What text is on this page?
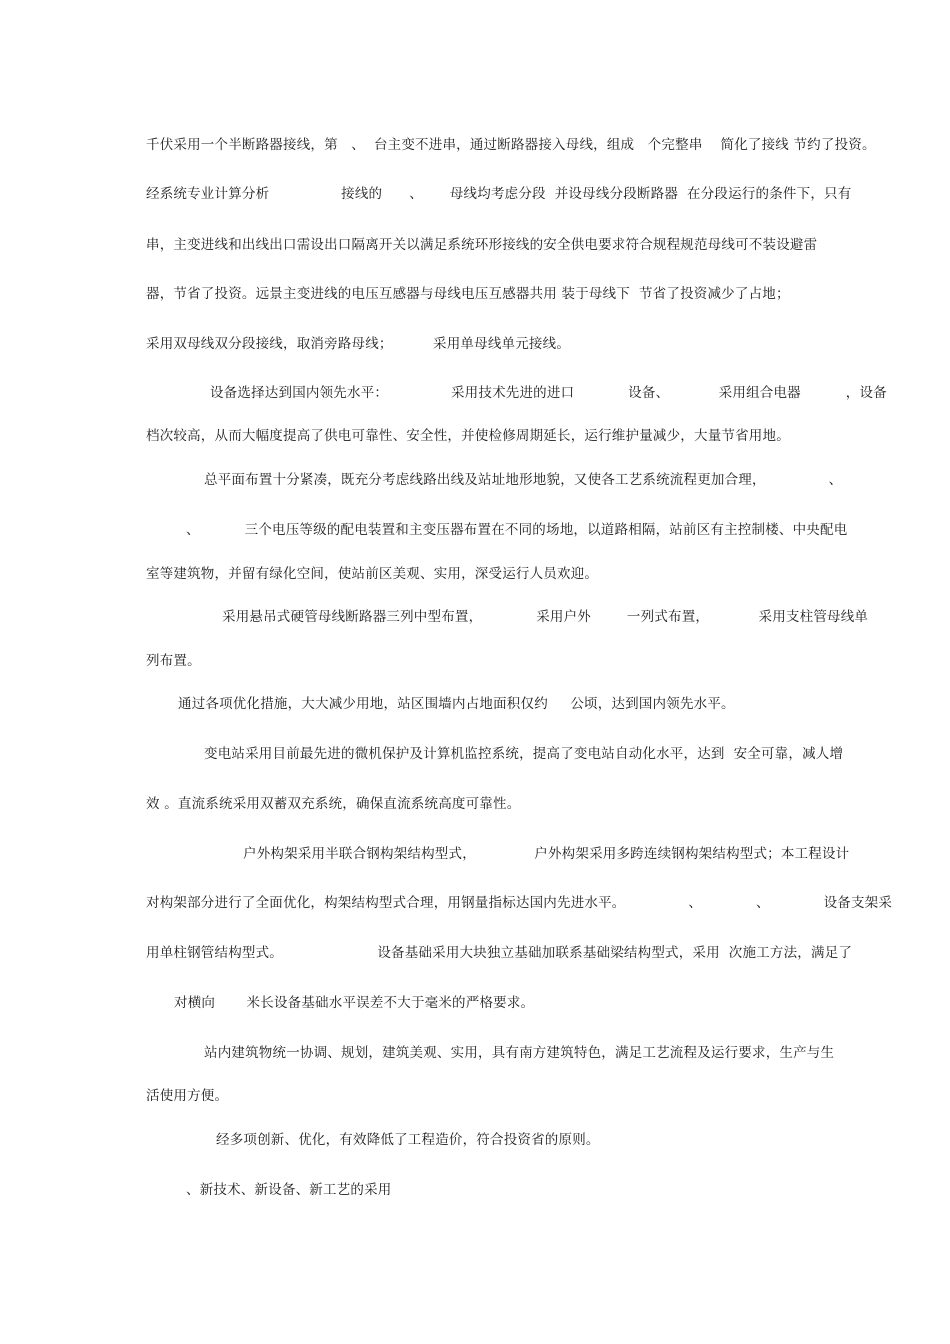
千伏采用一个半断路器接线，第   、  台主变不进串，通过断路器接入母线，组成   个完整串    简化了接线 节约了投资。
经系统专业计算分析                接线的      、      母线均考虑分段  并设母线分段断路器  在分段运行的条件下，只有
串，主变进线和出线出口需设出口隔离开关以满足系统环形接线的安全供电要求符合规程规范母线可不装设避雷
器，节省了投资。远景主变进线的电压互感器与母线电压互感器共用 装于母线下  节省了投资减少了占地；
采用双母线双分段接线，取消旁路母线；         采用单母线单元接线。
设备选择达到国内领先水平：              采用技术先进的进口            设备、           采用组合电器          ，设备
档次较高，从而大幅度提高了供电可靠性、安全性，并使检修周期延长，运行维护量减少，大量节省用地。
总平面布置十分紧凑，既充分考虑线路出线及站址地形地貌，又使各工艺系统流程更加合理，              、
、          三个电压等级的配电装置和主变压器布置在不同的场地，以道路相隔，站前区有主控制楼、中央配电
室等建筑物，并留有绿化空间，使站前区美观、实用，深受运行人员欢迎。
采用悬吊式硬管母线断路器三列中型布置，            采用户外        一列式布置，           采用支柱管母线单
列布置。
通过各项优化措施，大大减少用地，站区围墙内占地面积仅约     公顷，达到国内领先水平。
变电站采用目前最先进的微机保护及计算机监控系统，提高了变电站自动化水平，达到  安全可靠，减人增
效 。直流系统采用双蓄双充系统，确保直流系统高度可靠性。
户外构架采用半联合钢构架结构型式，             户外构架采用多跨连续钢构架结构型式；本工程设计
对构架部分进行了全面优化，构架结构型式合理，用钢量指标达国内先进水平。              、            、            设备支架采
用单柱钢管结构型式。                     设备基础采用大块独立基础加联系基础梁结构型式，采用  次施工方法，满足了
对横向       米长设备基础水平误差不大于毫米的严格要求。
站内建筑物统一协调、规划，建筑美观、实用，具有南方建筑特色，满足工艺流程及运行要求，生产与生
活使用方便。
经多项创新、优化，有效降低了工程造价，符合投资省的原则。
、新技术、新设备、新工艺的采用
